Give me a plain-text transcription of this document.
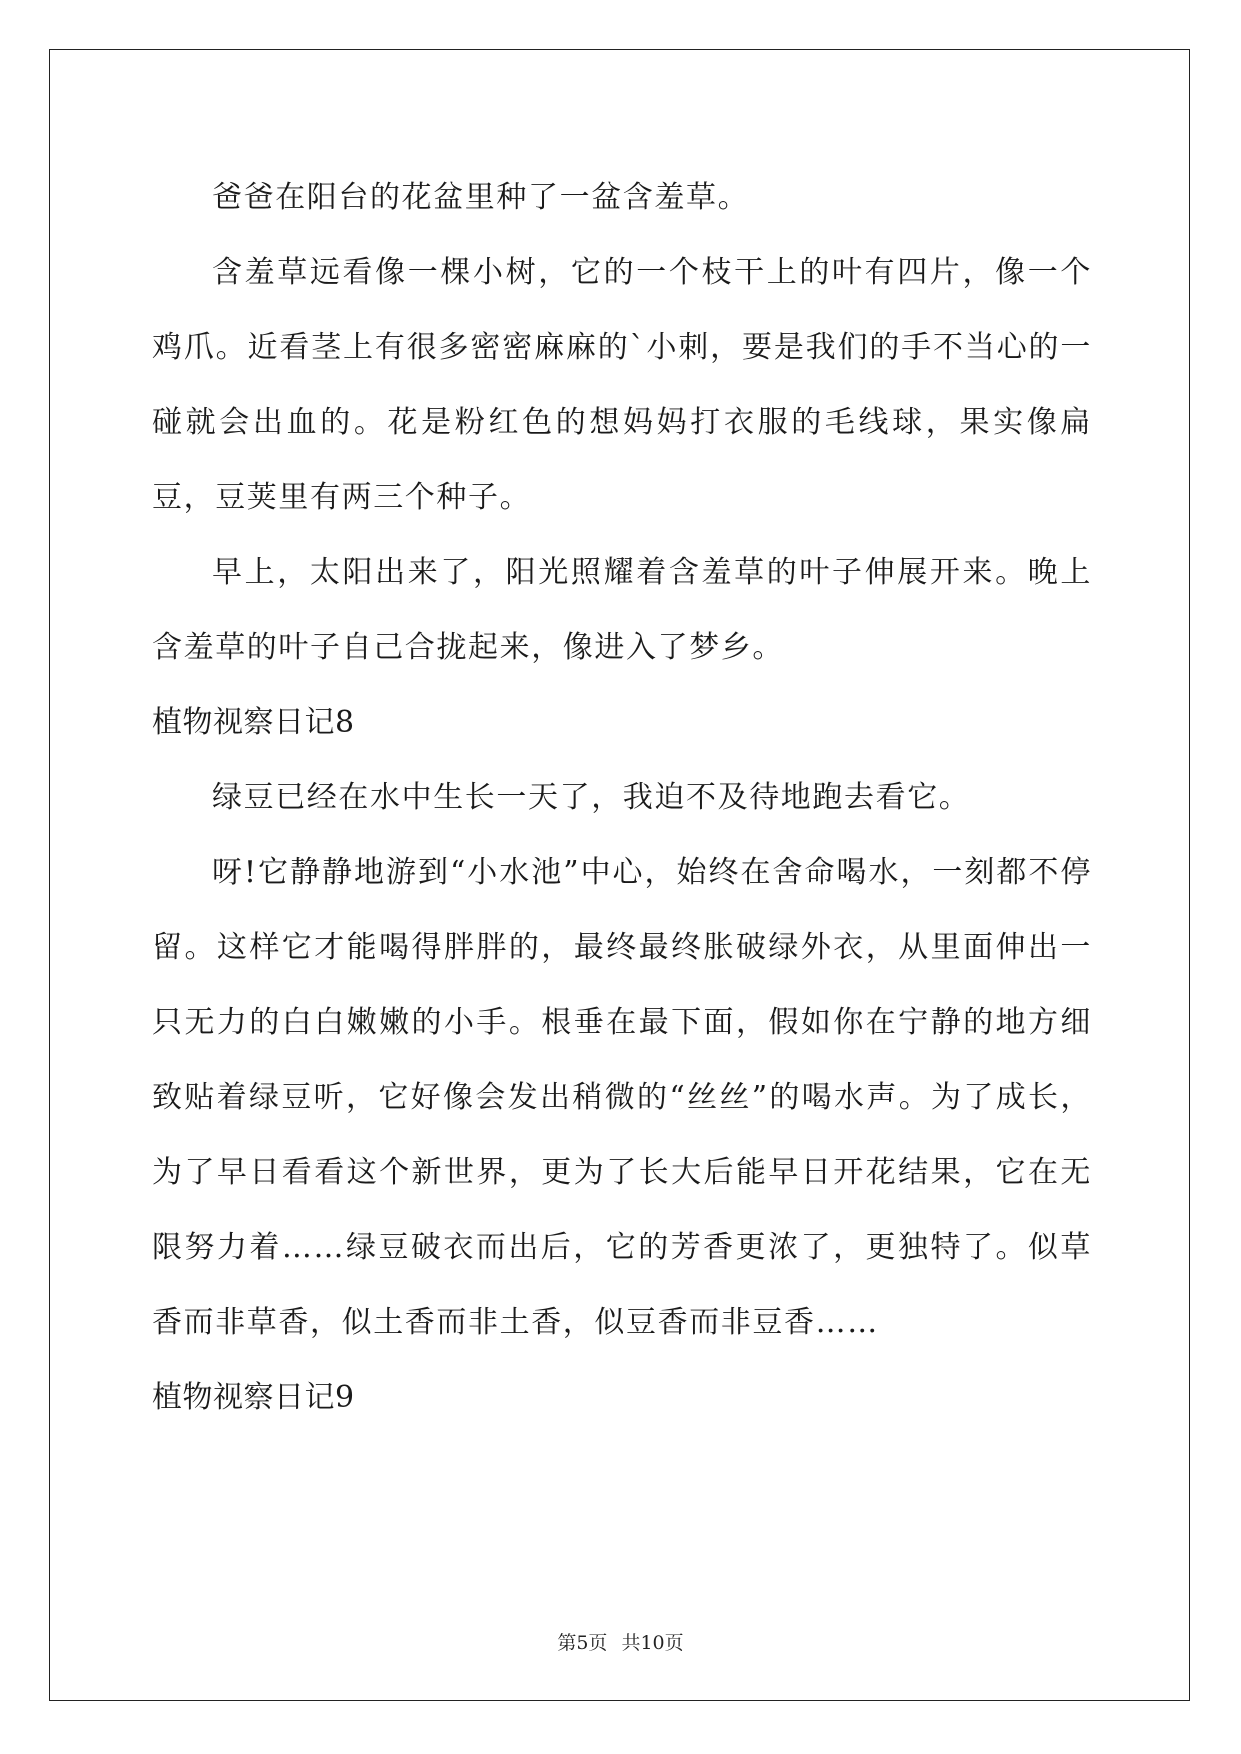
爸爸在阳台的花盆里种了一盆含羞草。

含羞草远看像一棵小树，它的一个枝干上的叶有四片，像一个鸡爪。近看茎上有很多密密麻麻的`小刺，要是我们的手不当心的一碰就会出血的。花是粉红色的想妈妈打衣服的毛线球，果实像扁豆，豆荚里有两三个种子。

早上，太阳出来了，阳光照耀着含羞草的叶子伸展开来。晚上含羞草的叶子自己合拢起来，像进入了梦乡。

植物视察日记8

绿豆已经在水中生长一天了，我迫不及待地跑去看它。

呀!它静静地游到“小水池”中心，始终在舍命喝水，一刻都不停留。这样它才能喝得胖胖的，最终最终胀破绿外衣，从里面伸出一只无力的白白嫩嫩的小手。根垂在最下面，假如你在宁静的地方细致贴着绿豆听，它好像会发出稍微的“丝丝”的喝水声。为了成长，为了早日看看这个新世界，更为了长大后能早日开花结果，它在无限努力着……绿豆破衣而出后，它的芳香更浓了，更独特了。似草香而非草香，似土香而非土香，似豆香而非豆香……

植物视察日记9

第5页 共10页
